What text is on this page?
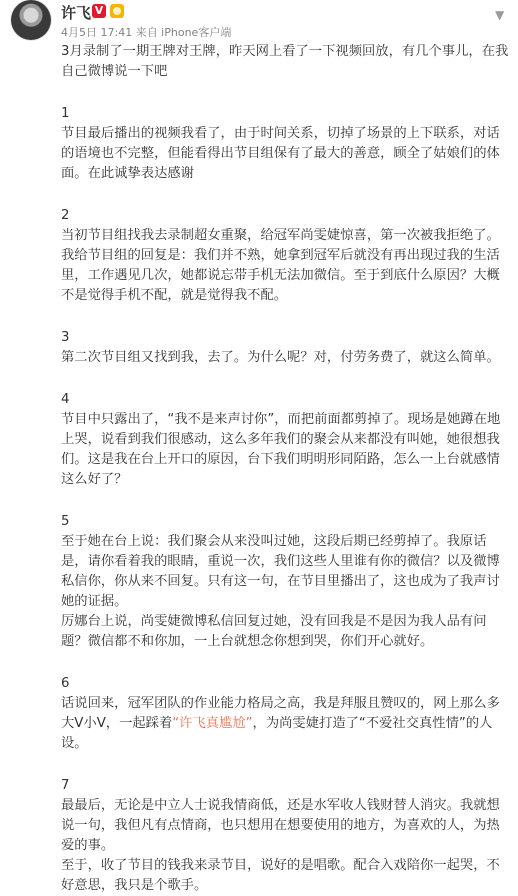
许飞 V
4月5日 17:41 来自 iPhone客户端
▼

3月录制了一期王牌对王牌，昨天网上看了一下视频回放，有几个事儿，在我自己微博说一下吧

1
节目最后播出的视频我看了，由于时间关系，切掉了场景的上下联系，对话的语境也不完整，但能看得出节目组保有了最大的善意，顾全了姑娘们的体面。在此诚挚表达感谢

2
当初节目组找我去录制超女重聚，给冠军尚雯婕惊喜，第一次被我拒绝了。我给节目组的回复是：我们并不熟，她拿到冠军后就没有再出现过我的生活里，工作遇见几次，她都说忘带手机无法加微信。至于到底什么原因？大概不是觉得手机不配，就是觉得我不配。

3
第二次节目组又找到我，去了。为什么呢？对，付劳务费了，就这么简单。

4
节目中只露出了，“我不是来声讨你”，而把前面都剪掉了。现场是她蹲在地上哭，说看到我们很感动，这么多年我们的聚会从来都没有叫她，她很想我们。这是我在台上开口的原因，台下我们明明形同陌路，怎么一上台就感情这么好了？

5
至于她在台上说：我们聚会从来没叫过她，这段后期已经剪掉了。我原话是，请你看着我的眼睛，重说一次，我们这些人里谁有你的微信？以及微博私信你，你从来不回复。只有这一句，在节目里播出了，这也成为了我声讨她的证据。
厉娜台上说，尚雯婕微博私信回复过她，没有回我是不是因为我人品有问题？微信都不和你加，一上台就想念你想到哭，你们开心就好。

6
话说回来，冠军团队的作业能力格局之高，我是拜服且赞叹的，网上那么多大V小V，一起踩着“许飞真尴尬”，为尚雯婕打造了“不爱社交真性情”的人设。

7
最最后，无论是中立人士说我情商低，还是水军收人钱财替人消灾。我就想说一句，我但凡有点情商，也只想用在想要使用的地方，为喜欢的人，为热爱的事。
至于，收了节目的钱我来录节目，说好的是唱歌。配合入戏陪你一起哭，不好意思，我只是个歌手。
